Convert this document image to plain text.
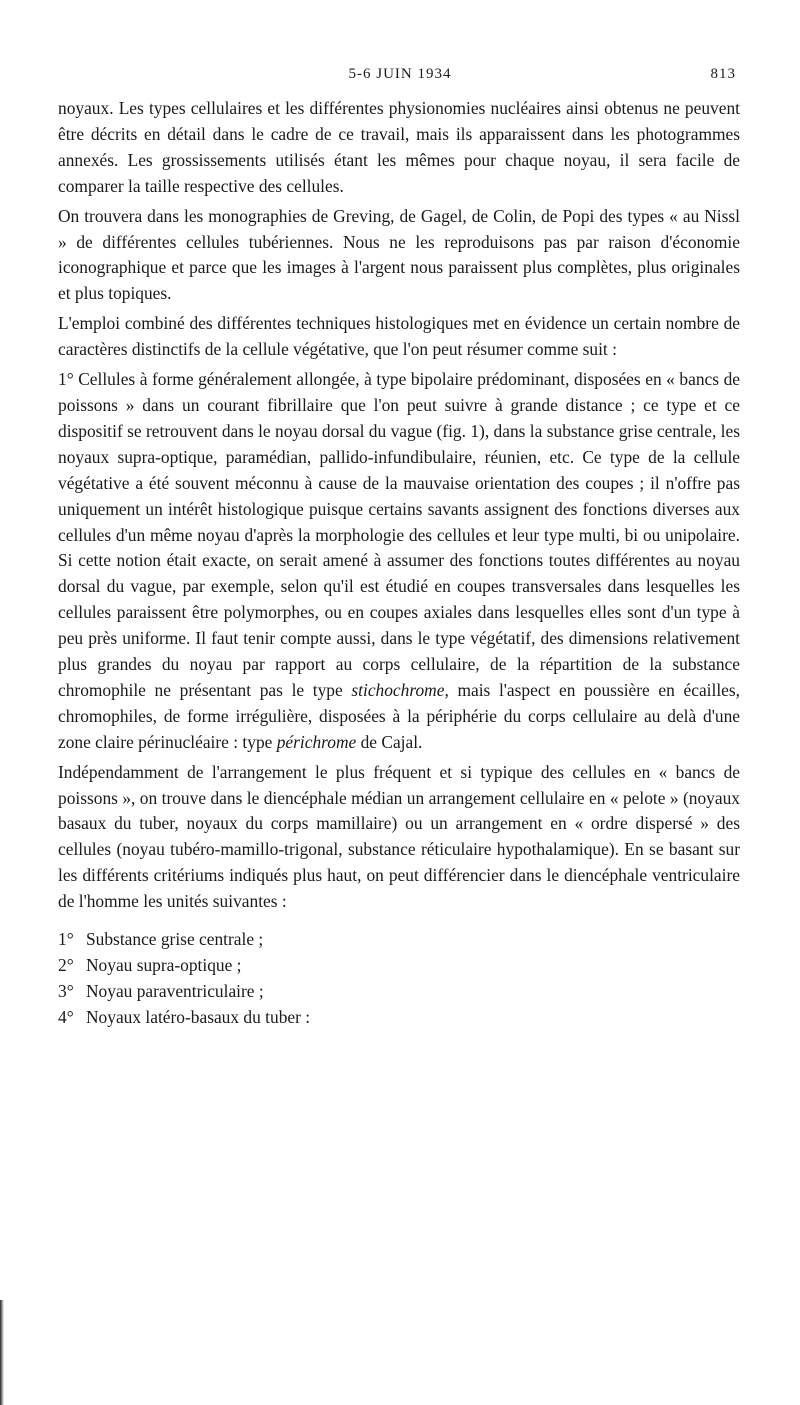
5-6 JUIN 1934	813

noyaux. Les types cellulaires et les différentes physionomies nucléaires ainsi obtenus ne peuvent être décrits en détail dans le cadre de ce travail, mais ils apparaissent dans les photogrammes annexés. Les grossissements utilisés étant les mêmes pour chaque noyau, il sera facile de comparer la taille respective des cellules.

On trouvera dans les monographies de Greving, de Gagel, de Colin, de Popi des types « au Nissl » de différentes cellules tubériennes. Nous ne les reproduisons pas par raison d'économie iconographique et parce que les images à l'argent nous paraissent plus complètes, plus originales et plus topiques.

L'emploi combiné des différentes techniques histologiques met en évidence un certain nombre de caractères distinctifs de la cellule végétative, que l'on peut résumer comme suit :

1° Cellules à forme généralement allongée, à type bipolaire prédominant, disposées en « bancs de poissons » dans un courant fibrillaire que l'on peut suivre à grande distance ; ce type et ce dispositif se retrouvent dans le noyau dorsal du vague (fig. 1), dans la substance grise centrale, les noyaux supra-optique, paramédian, pallido-infundibulaire, réunien, etc. Ce type de la cellule végétative a été souvent méconnu à cause de la mauvaise orientation des coupes ; il n'offre pas uniquement un intérêt histologique puisque certains savants assignent des fonctions diverses aux cellules d'un même noyau d'après la morphologie des cellules et leur type multi, bi ou unipolaire. Si cette notion était exacte, on serait amené à assumer des fonctions toutes différentes au noyau dorsal du vague, par exemple, selon qu'il est étudié en coupes transversales dans lesquelles les cellules paraissent être polymorphes, ou en coupes axiales dans lesquelles elles sont d'un type à peu près uniforme. Il faut tenir compte aussi, dans le type végétatif, des dimensions relativement plus grandes du noyau par rapport au corps cellulaire, de la répartition de la substance chromophile ne présentant pas le type stichochrome, mais l'aspect en poussière en écailles, chromophiles, de forme irrégulière, disposées à la périphérie du corps cellulaire au delà d'une zone claire périnucléaire : type périchrome de Cajal.

Indépendamment de l'arrangement le plus fréquent et si typique des cellules en « bancs de poissons », on trouve dans le diencéphale médian un arrangement cellulaire en « pelote » (noyaux basaux du tuber, noyaux du corps mamillaire) ou un arrangement en « ordre dispersé » des cellules (noyau tubéro-mamillo-trigonal, substance réticulaire hypothalamique). En se basant sur les différents critériums indiqués plus haut, on peut différencier dans le diencéphale ventriculaire de l'homme les unités suivantes :

1° Substance grise centrale ;
2° Noyau supra-optique ;
3° Noyau paraventriculaire ;
4° Noyaux latéro-basaux du tuber :
